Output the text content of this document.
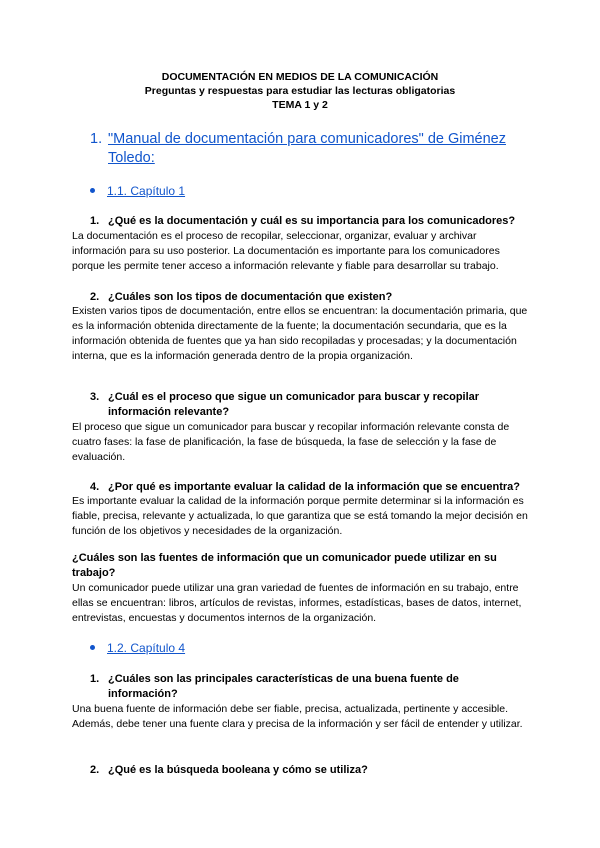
DOCUMENTACIÓN EN MEDIOS DE LA COMUNICACIÓN
Preguntas y respuestas para estudiar las lecturas obligatorias
TEMA 1 y 2
1. "Manual de documentación para comunicadores" de Giménez Toledo:
1.1. Capítulo 1
1. ¿Qué es la documentación y cuál es su importancia para los comunicadores?
La documentación es el proceso de recopilar, seleccionar, organizar, evaluar y archivar información para su uso posterior. La documentación es importante para los comunicadores porque les permite tener acceso a información relevante y fiable para desarrollar su trabajo.
2. ¿Cuáles son los tipos de documentación que existen?
Existen varios tipos de documentación, entre ellos se encuentran: la documentación primaria, que es la información obtenida directamente de la fuente; la documentación secundaria, que es la información obtenida de fuentes que ya han sido recopiladas y procesadas; y la documentación interna, que es la información generada dentro de la propia organización.
3. ¿Cuál es el proceso que sigue un comunicador para buscar y recopilar información relevante?
El proceso que sigue un comunicador para buscar y recopilar información relevante consta de cuatro fases: la fase de planificación, la fase de búsqueda, la fase de selección y la fase de evaluación.
4. ¿Por qué es importante evaluar la calidad de la información que se encuentra?
Es importante evaluar la calidad de la información porque permite determinar si la información es fiable, precisa, relevante y actualizada, lo que garantiza que se está tomando la mejor decisión en función de los objetivos y necesidades de la organización.
¿Cuáles son las fuentes de información que un comunicador puede utilizar en su trabajo?
Un comunicador puede utilizar una gran variedad de fuentes de información en su trabajo, entre ellas se encuentran: libros, artículos de revistas, informes, estadísticas, bases de datos, internet, entrevistas, encuestas y documentos internos de la organización.
1.2. Capítulo 4
1. ¿Cuáles son las principales características de una buena fuente de información?
Una buena fuente de información debe ser fiable, precisa, actualizada, pertinente y accesible. Además, debe tener una fuente clara y precisa de la información y ser fácil de entender y utilizar.
2. ¿Qué es la búsqueda booleana y cómo se utiliza?
